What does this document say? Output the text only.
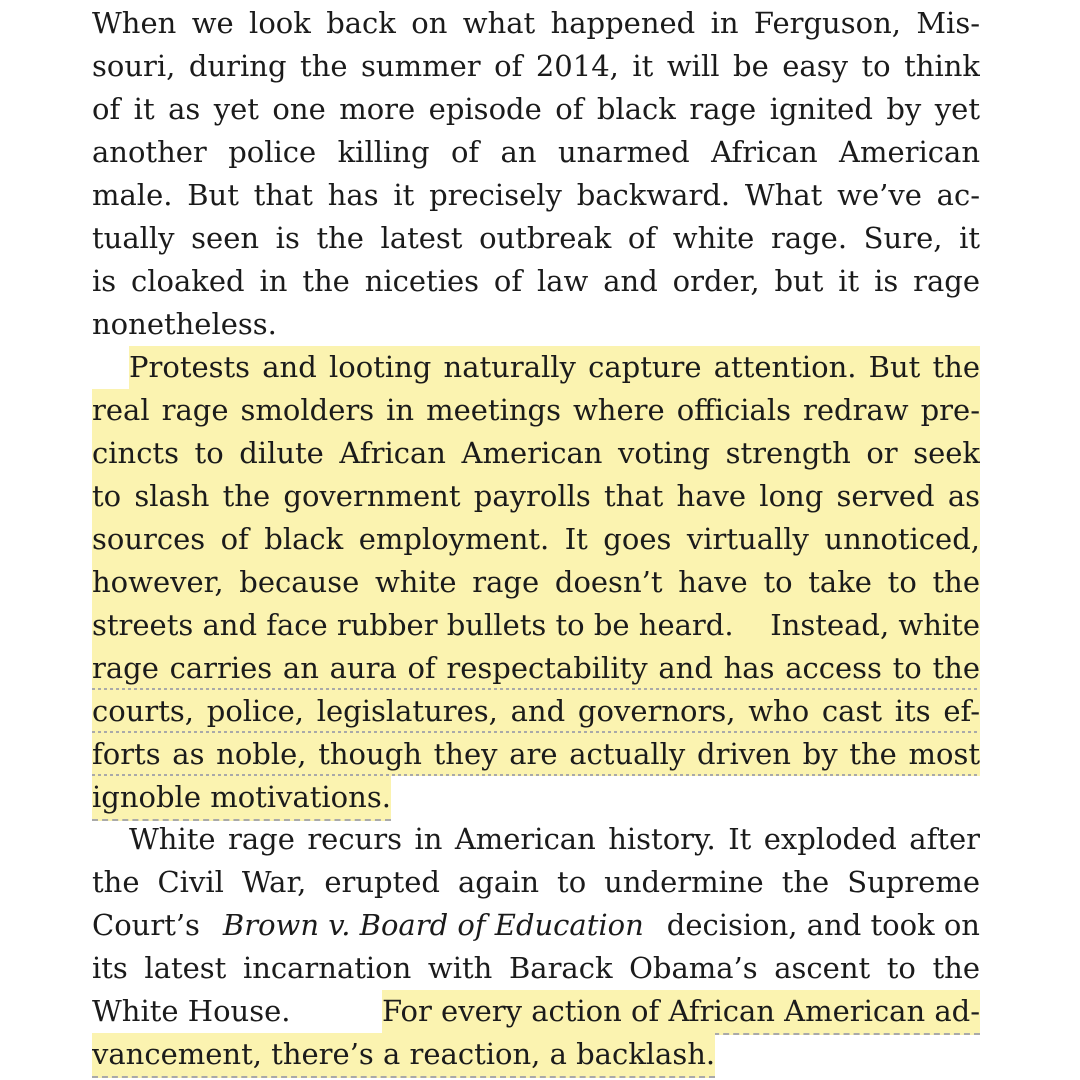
When we look back on what happened in Ferguson, Mis-
souri, during the summer of 2014, it will be easy to think
of it as yet one more episode of black rage ignited by yet
another police killing of an unarmed African American
male. But that has it precisely backward. What we’ve ac-
tually seen is the latest outbreak of white rage. Sure, it
is cloaked in the niceties of law and order, but it is rage
nonetheless.
Protests and looting naturally capture attention. But the
real rage smolders in meetings where officials redraw pre-
cincts to dilute African American voting strength or seek
to slash the government payrolls that have long served as
sources of black employment. It goes virtually unnoticed,
however, because white rage doesn’t have to take to the
streets and face rubber bullets to be heard. Instead, white
rage carries an aura of respectability and has access to the
courts, police, legislatures, and governors, who cast its ef-
forts as noble, though they are actually driven by the most
ignoble motivations.
White rage recurs in American history. It exploded after
the Civil War, erupted again to undermine the Supreme
Court’s Brown v. Board of Education decision, and took on
its latest incarnation with Barack Obama’s ascent to the
White House.	For every action of African American ad-
vancement, there’s a reaction, a backlash.
